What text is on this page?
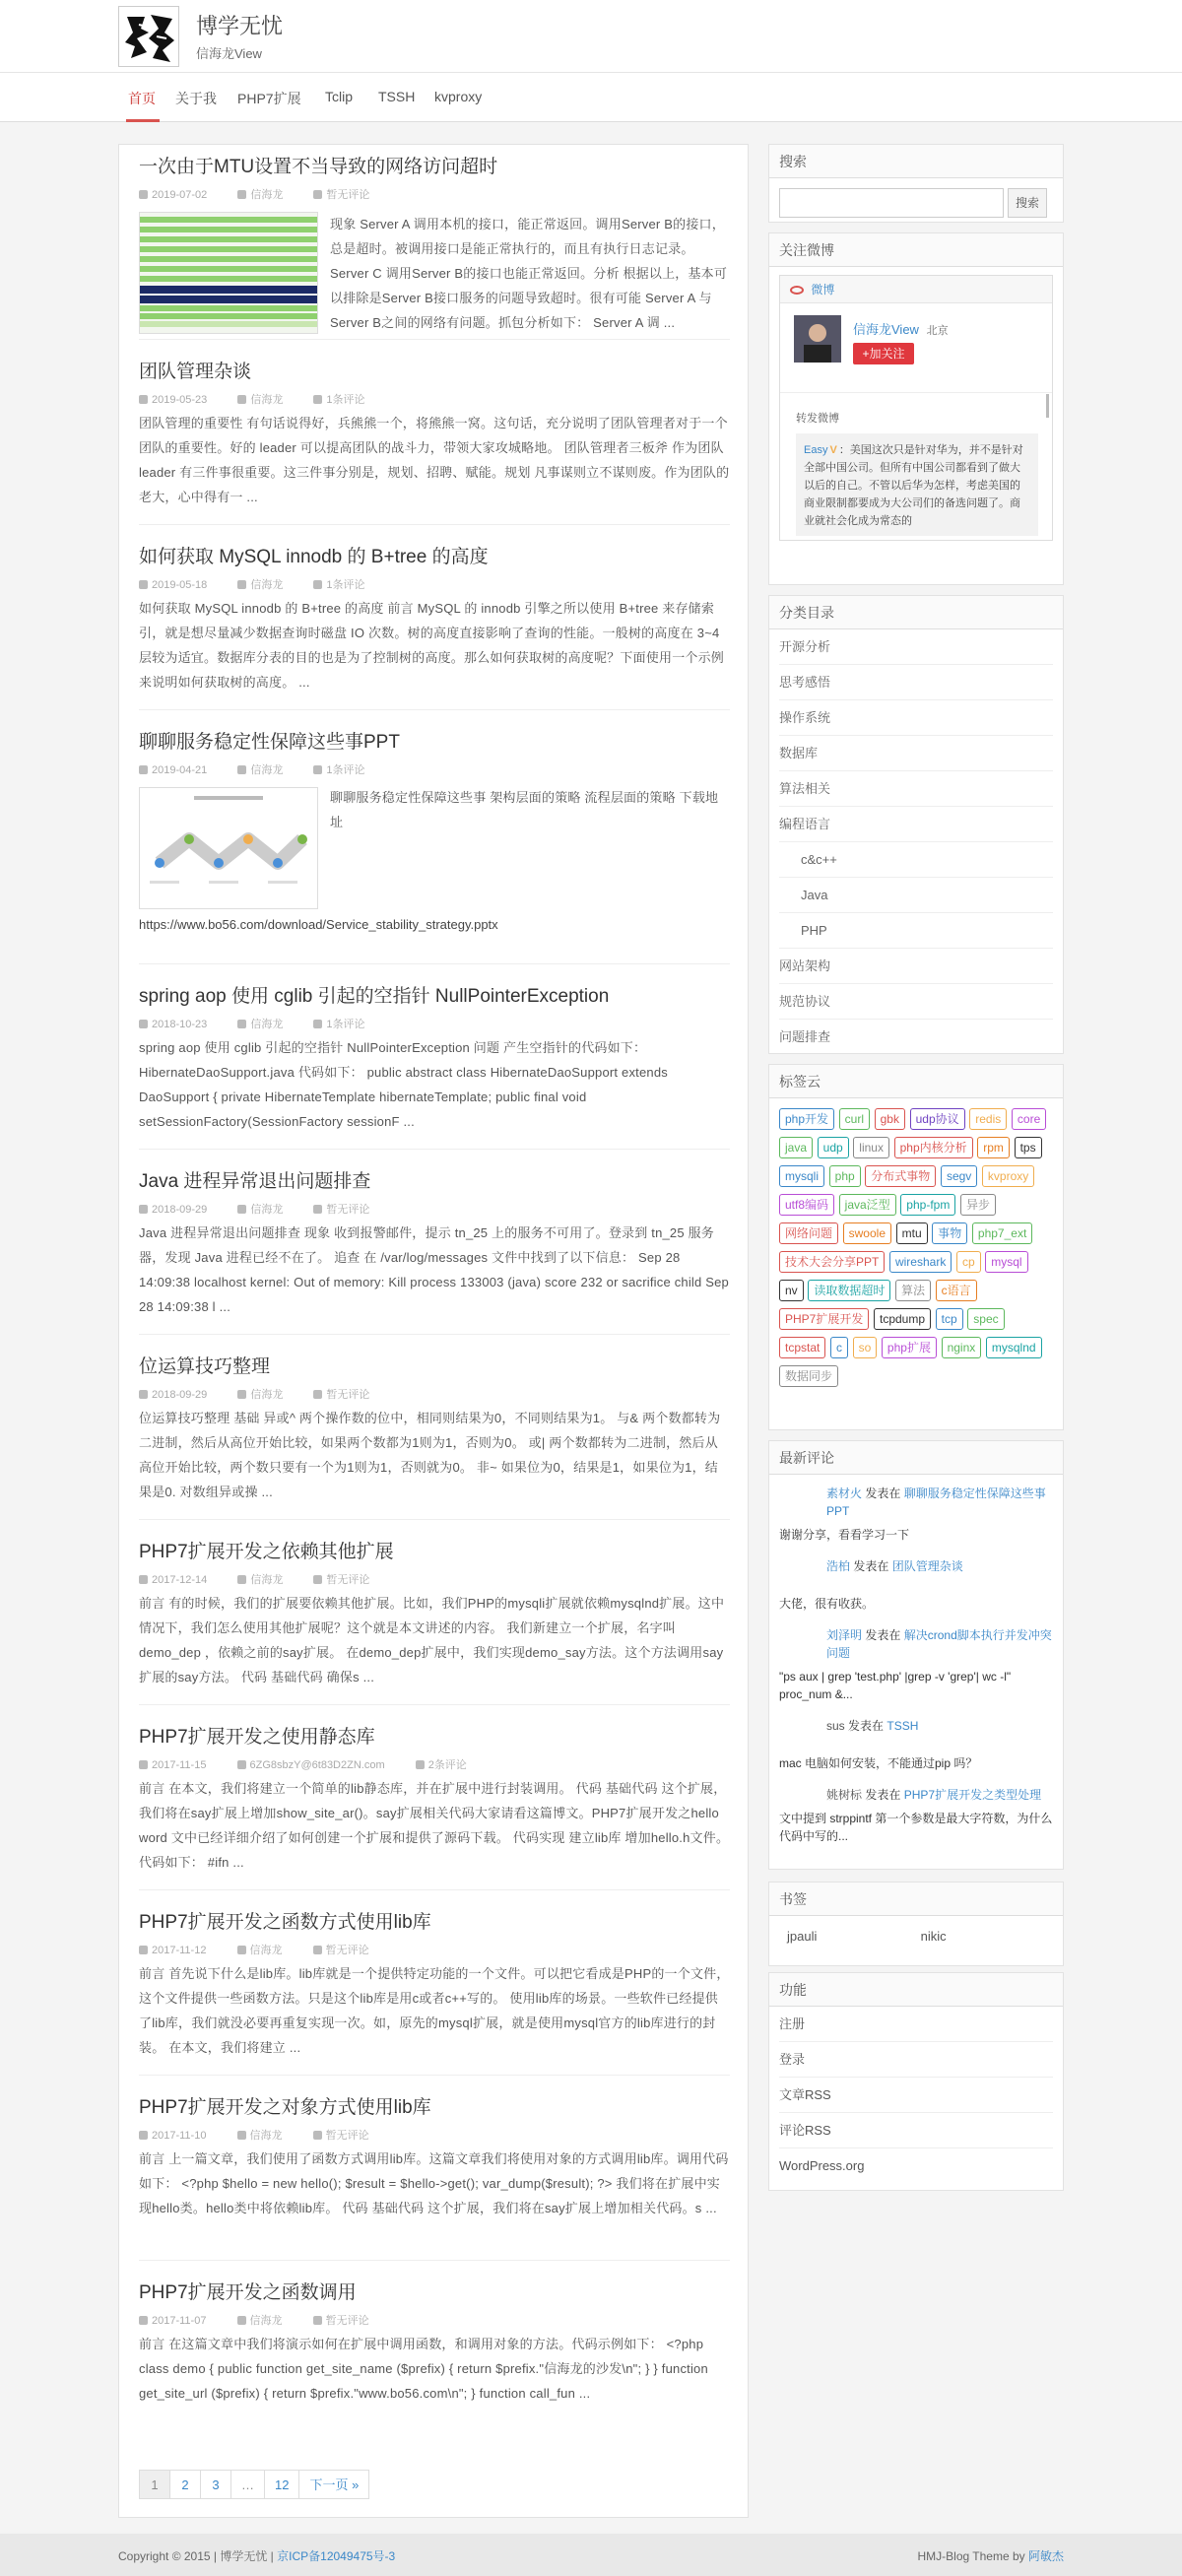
博学无忧
信海龙View
首页 关于我 PHP7扩展 Tclip TSSH kvproxy
一次由于MTU设置不当导致的网络访问超时
2019-07-02	信海龙	暂无评论
现象 Server A 调用本机的接口，能正常返回。调用Server B的接口，总是超时。被调用接口是能正常执行的，而且有执行日志记录。 Server C 调用Server B的接口也能正常返回。分析 根据以上，基本可以排除是Server B接口服务的问题导致超时。很有可能 Server A 与 Server B之间的网络有问题。抓包分析如下： Server A 调 ...
团队管理杂谈
2019-05-23	信海龙	1条评论
团队管理的重要性 有句话说得好，兵熊熊一个，将熊熊一窝。这句话，充分说明了团队管理者对于一个团队的重要性。好的 leader 可以提高团队的战斗力，带领大家攻城略地。 团队管理者三板斧 作为团队 leader 有三件事很重要。这三件事分别是，规划、招聘、赋能。规划 凡事谋则立不谋则废。作为团队的老大，心中得有一 ...
如何获取 MySQL innodb 的 B+tree 的高度
2019-05-18	信海龙	1条评论
如何获取 MySQL innodb 的 B+tree 的高度 前言 MySQL 的 innodb 引擎之所以使用 B+tree 来存储索引，就是想尽量减少数据查询时磁盘 IO 次数。树的高度直接影响了查询的性能。一般树的高度在 3~4 层较为适宜。数据库分表的目的也是为了控制树的高度。那么如何获取树的高度呢？下面使用一个示例来说明如何获取树的高度。 ...
聊聊服务稳定性保障这些事PPT
2019-04-21	信海龙	1条评论
聊聊服务稳定性保障这些事 架构层面的策略 流程层面的策略 下载地址
https://www.bo56.com/download/Service_stability_strategy.pptx
spring aop 使用 cglib 引起的空指针 NullPointerException
2018-10-23	信海龙	1条评论
spring aop 使用 cglib 引起的空指针 NullPointerException 问题 产生空指针的代码如下： HibernateDaoSupport.java 代码如下： public abstract class HibernateDaoSupport extends DaoSupport { private HibernateTemplate hibernateTemplate; public final void setSessionFactory(SessionFactory sessionF ...
Java 进程异常退出问题排查
2018-09-29	信海龙	暂无评论
Java 进程异常退出问题排查 现象 收到报警邮件，提示 tn_25 上的服务不可用了。登录到 tn_25 服务器，发现 Java 进程已经不在了。 追查 在 /var/log/messages 文件中找到了以下信息： Sep 28 14:09:38 localhost kernel: Out of memory: Kill process 133003 (java) score 232 or sacrifice child Sep 28 14:09:38 l ...
位运算技巧整理
2018-09-29	信海龙	暂无评论
位运算技巧整理 基础 异或^ 两个操作数的位中，相同则结果为0，不同则结果为1。 与& 两个数都转为二进制，然后从高位开始比较，如果两个数都为1则为1，否则为0。 或| 两个数都转为二进制，然后从高位开始比较，两个数只要有一个为1则为1，否则就为0。 非~ 如果位为0，结果是1，如果位为1，结果是0. 对数组异或操 ...
PHP7扩展开发之依赖其他扩展
2017-12-14	信海龙	暂无评论
前言 有的时候，我们的扩展要依赖其他扩展。比如，我们PHP的mysqli扩展就依赖mysqlnd扩展。这中情况下，我们怎么使用其他扩展呢？这个就是本文讲述的内容。 我们新建立一个扩展，名字叫 demo_dep ，依赖之前的say扩展。 在demo_dep扩展中，我们实现demo_say方法。这个方法调用say扩展的say方法。 代码 基础代码 确保s ...
PHP7扩展开发之使用静态库
2017-11-15	6ZG8sbzY@6t83D2ZN.com	2条评论
前言 在本文，我们将建立一个简单的lib静态库，并在扩展中进行封装调用。 代码 基础代码 这个扩展，我们将在say扩展上增加show_site_ar()。say扩展相关代码大家请看这篇博文。PHP7扩展开发之hello word 文中已经详细介绍了如何创建一个扩展和提供了源码下载。 代码实现 建立lib库 增加hello.h文件。代码如下： #ifn ...
PHP7扩展开发之函数方式使用lib库
2017-11-12	信海龙	暂无评论
前言 首先说下什么是lib库。lib库就是一个提供特定功能的一个文件。可以把它看成是PHP的一个文件，这个文件提供一些函数方法。只是这个lib库是用c或者c++写的。 使用lib库的场景。一些软件已经提供了lib库，我们就没必要再重复实现一次。如，原先的mysql扩展，就是使用mysql官方的lib库进行的封装。 在本文，我们将建立 ...
PHP7扩展开发之对象方式使用lib库
2017-11-10	信海龙	暂无评论
前言 上一篇文章，我们使用了函数方式调用lib库。这篇文章我们将使用对象的方式调用lib库。调用代码如下： <?php $hello = new hello(); $result = $hello->get(); var_dump($result); ?> 我们将在扩展中实现hello类。hello类中将依赖lib库。 代码 基础代码 这个扩展，我们将在say扩展上增加相关代码。s ...
PHP7扩展开发之函数调用
2017-11-07	信海龙	暂无评论
前言 在这篇文章中我们将演示如何在扩展中调用函数，和调用对象的方法。代码示例如下： <?php class demo { public function get_site_name ($prefix) { return $prefix."信海龙的沙发\n"; } } function get_site_url ($prefix) { return $prefix."www.bo56.com\n"; } function call_fun ...
1 2 3 … 12 下一页 »
搜索
搜索
关注微博
微博
信海龙View 北京
+加关注
转发微博
Easy V ：美国这次只是针对华为，并不是针对全部中国公司。但所有中国公司都看到了做大以后的自己。不管以后华为怎样，考虑美国的商业限制都要成为大公司们的备选问题了。商业就社会化成为常态的
分类目录
开源分析
思考感悟
操作系统
数据库
算法相关
编程语言
c&c++
Java
PHP
网站架构
规范协议
问题排查
标签云
php开发 curl gbk udp协议 redis core java udp linux php内核分析 rpm tps mysqli php 分布式事物 segv kvproxy utf8编码 java泛型 php-fpm 异步 网络问题 swoole mtu 事物 php7_ext 技术大会分享PPT wireshark cp mysql nv 读取数据超时 算法 c语言 PHP7扩展开发 tcpdump tcp spec tcpstat c so php扩展 nginx mysqlnd 数据同步
最新评论
素材火 发表在 聊聊服务稳定性保障这些事PPT
谢谢分享，看看学习一下
浩柏 发表在 团队管理杂谈
大佬，很有收获。
刘泽明 发表在 解决crond脚本执行并发冲突问题
"ps aux | grep 'test.php' |grep -v 'grep'| wc -l" proc_num &...
sus 发表在 TSSH
mac 电脑如何安装，不能通过pip 吗？
姚树标 发表在 PHP7扩展开发之类型处理
文中提到 strppintf 第一个参数是最大字符数，为什么代码中写的...
书签
jpauli	nikic
功能
注册
登录
文章RSS
评论RSS
WordPress.org
Copyright © 2015 | 博学无忧 | 京ICP备12049475号-3	HMJ-Blog Theme by 阿敏杰
